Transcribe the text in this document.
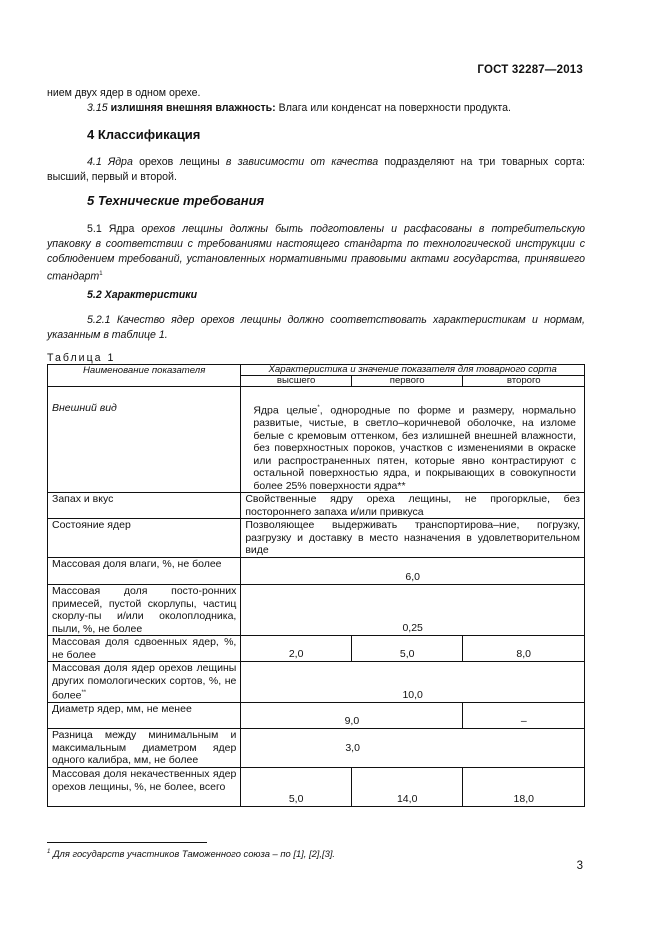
ГОСТ 32287—2013
нием двух ядер в одном орехе.
3.15 излишняя внешняя влажность: Влага или конденсат на поверхности продукта.
4 Классификация
4.1 Ядра орехов лещины в зависимости от качества подразделяют на три товарных сорта: высший, первый и второй.
5 Технические требования
5.1 Ядра орехов лещины должны быть подготовлены и расфасованы в потребительскую упаковку в соответствии с требованиями настоящего стандарта по технологической инструкции с соблюдением требований, установленных нормативными правовыми актами государства, принявшего стандарт$^1$
5.2 Характеристики
5.2.1 Качество ядер орехов лещины должно соответствовать характеристикам и нормам, указанным в таблице 1.
Таблица 1
Наименование показателя	Характеристика и значение показателя для товарного сорта		
	высшего	первого	второго
Внешний вид	Ядра целые*, однородные по форме и размеру, нормально развитые, чистые, в светло–коричневой оболочке, на изломе белые с кремовым оттенком, без излишней внешней влажности, без поверхностных пороков, участков с изменениями в окраске или распространенных пятен, которые явно контрастируют с остальной поверхностью ядра, и покрывающих в совокупности более 25% поверхности ядра**		
Запах и вкус	Свойственные ядру ореха лещины, не прогорклые, без постороннего запаха и/или привкуса		
Состояние ядер	Позволяющее выдерживать транспортирова–ние, погрузку, разгрузку и доставку в место назначения в удовлетворительном виде		
Массовая доля влаги, %, не более	6,0		
Массовая доля посто-ронних примесей, пустой скорлупы, частиц скорлу-пы и/или околоплодника, пыли, %, не более	0,25		
Массовая доля сдвоенных ядер, %, не более	2,0	5,0	8,0
Массовая доля ядер орехов лещины других помологических сортов, %, не более**	10,0		
Диаметр ядер, мм, не менее	9,0		–
Разница между минимальным и максимальным диаметром ядер одного калибра, мм, не более	3,0		
Массовая доля некачественных ядер орехов лещины, %, не более, всего	5,0	14,0	18,0
$^1$ Для государств участников Таможенного союза – по [1], [2],[3].
3
